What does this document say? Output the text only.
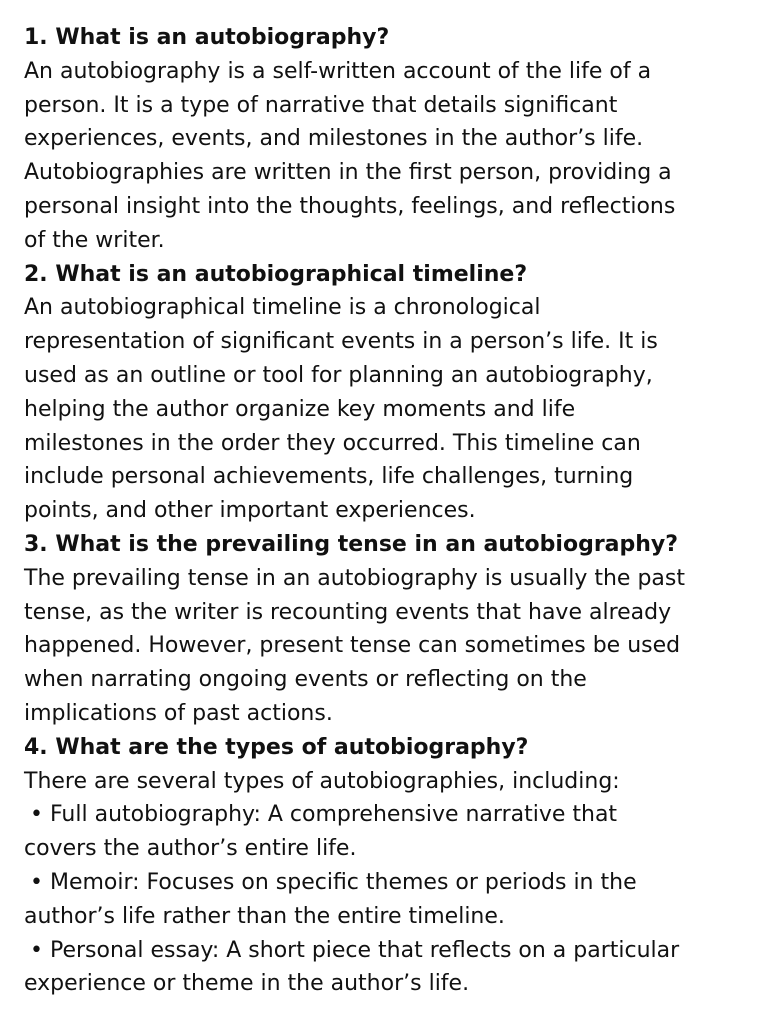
1. What is an autobiography?

An autobiography is a self-written account of the life of a

person. It is a type of narrative that details significant

experiences, events, and milestones in the author’s life.

Autobiographies are written in the first person, providing a

personal insight into the thoughts, feelings, and reflections

of the writer.

2. What is an autobiographical timeline?

An autobiographical timeline is a chronological

representation of significant events in a person’s life. It is

used as an outline or tool for planning an autobiography,

helping the author organize key moments and life

milestones in the order they occurred. This timeline can

include personal achievements, life challenges, turning

points, and other important experiences.

3. What is the prevailing tense in an autobiography?

The prevailing tense in an autobiography is usually the past

tense, as the writer is recounting events that have already

happened. However, present tense can sometimes be used

when narrating ongoing events or reflecting on the

implications of past actions.

4. What are the types of autobiography?

There are several types of autobiographies, including:

• Full autobiography: A comprehensive narrative that

covers the author’s entire life.

• Memoir: Focuses on specific themes or periods in the

author’s life rather than the entire timeline.

• Personal essay: A short piece that reflects on a particular

experience or theme in the author’s life.
